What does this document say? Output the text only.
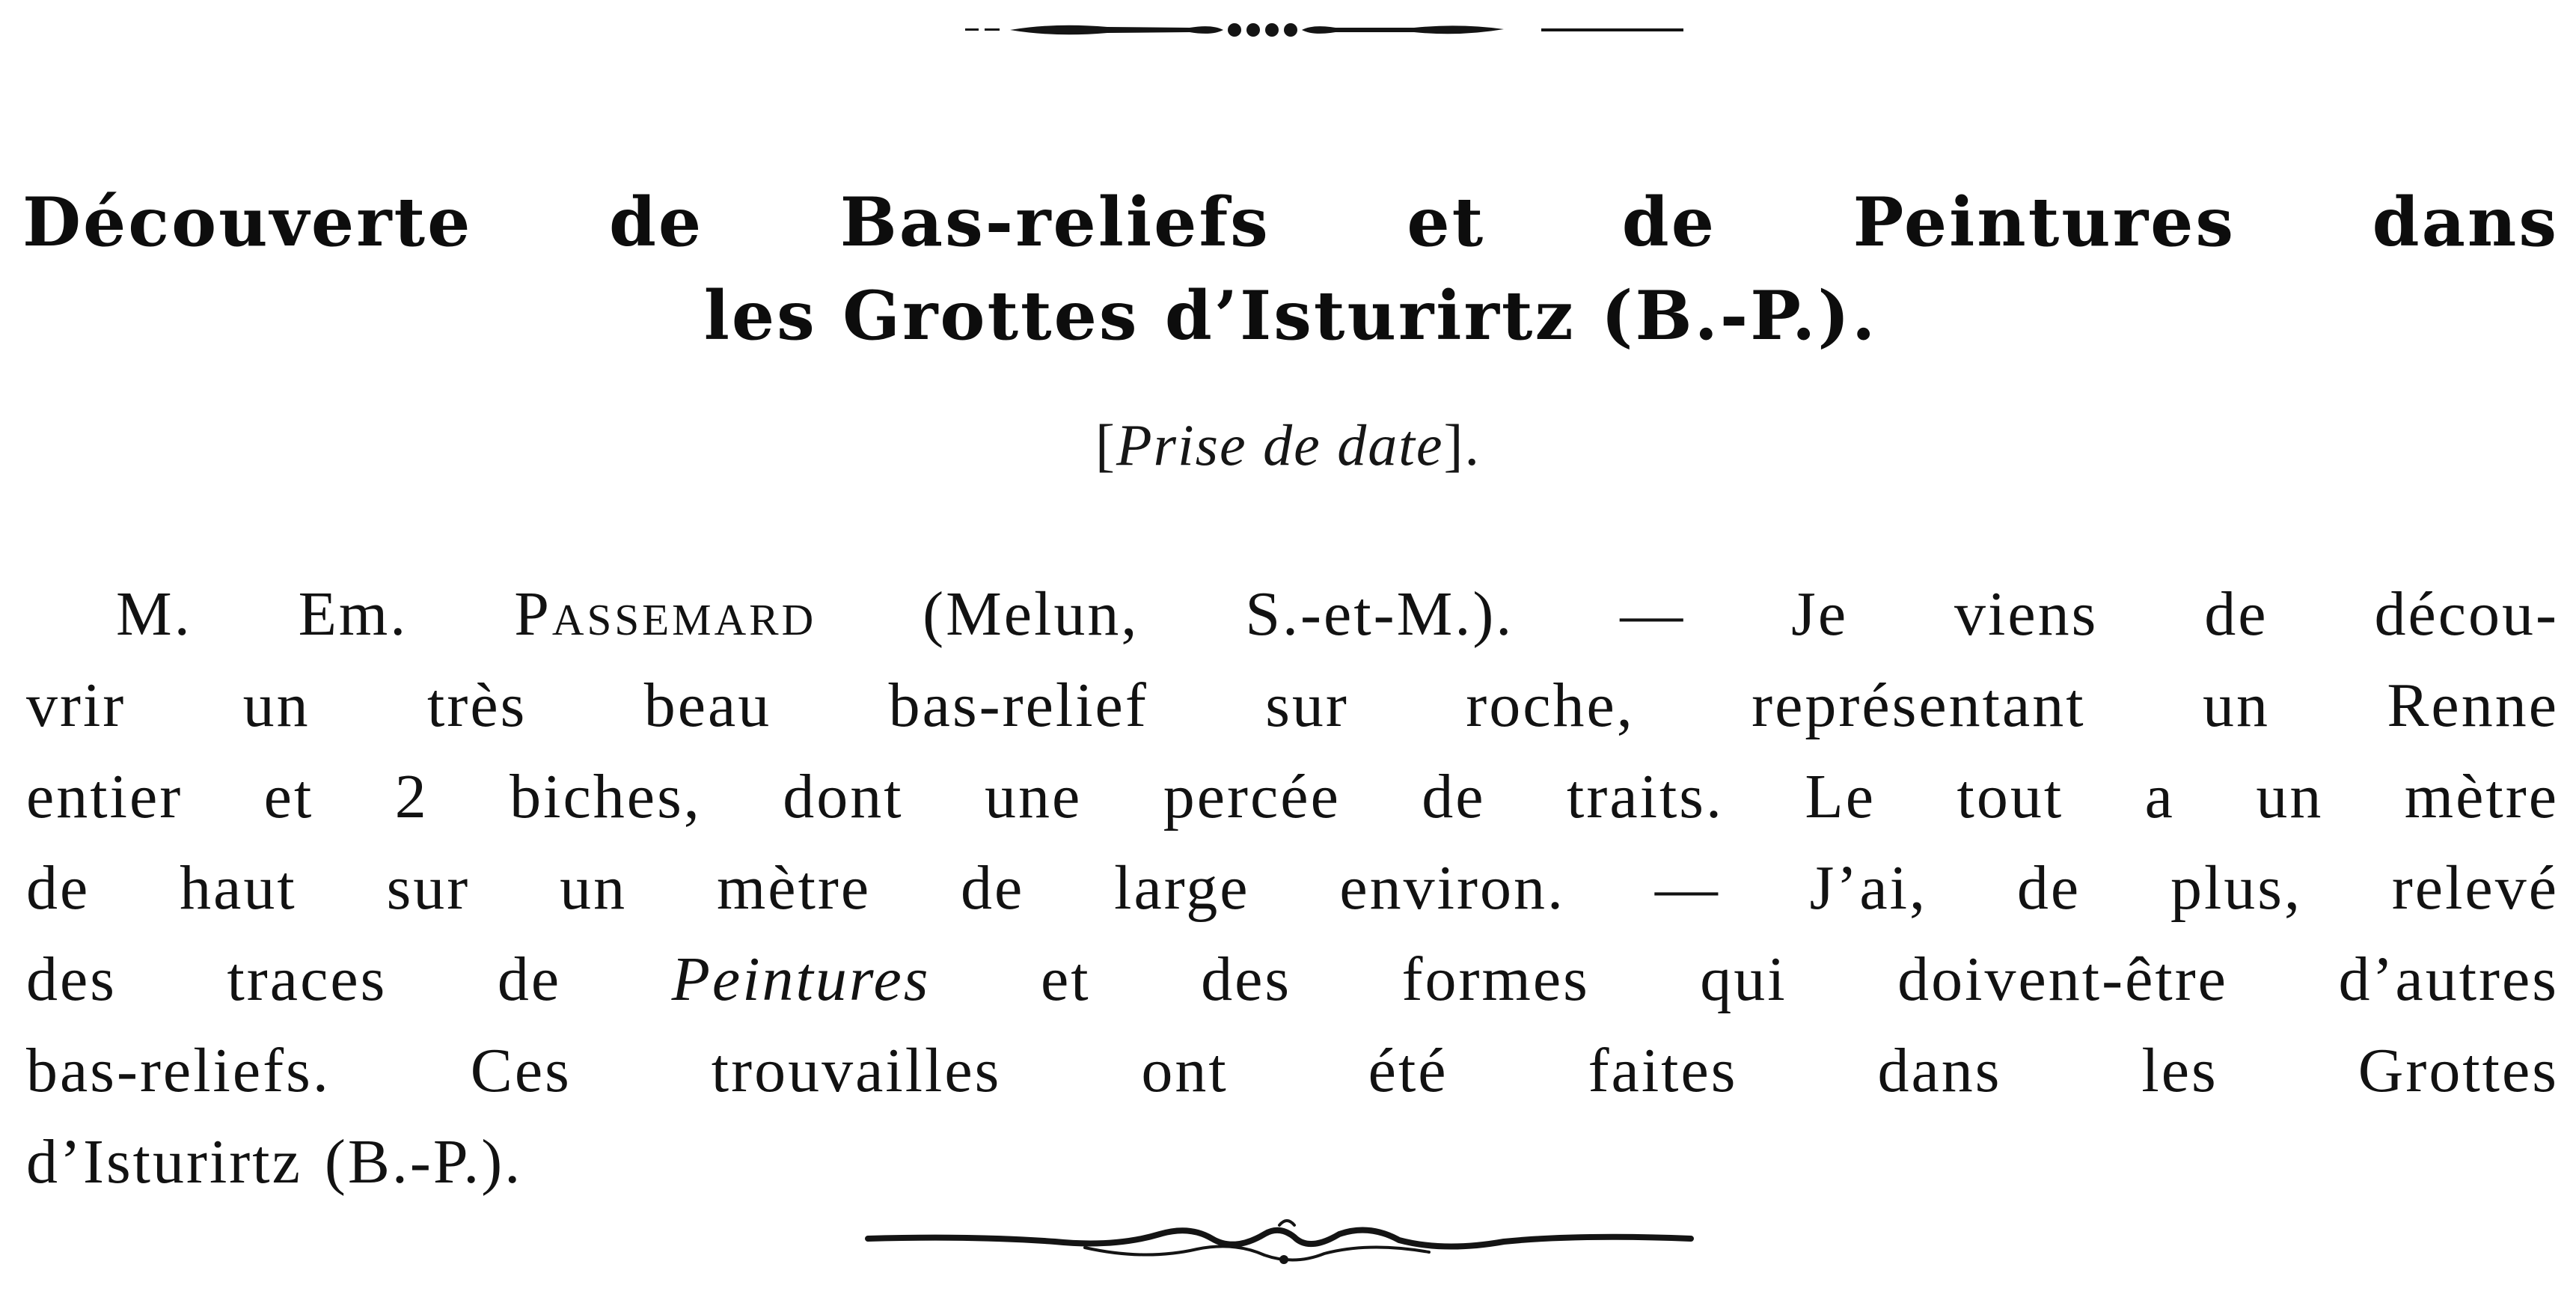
Découverte de Bas-reliefs et de Peintures dans
les Grottes d’Isturirtz (B.-P.).
[Prise de date].
M. Em. Passemard (Melun, S.-et-M.). — Je viens de décou-
vrir un très beau bas-relief sur roche, représentant un Renne
entier et 2 biches, dont une percée de traits. Le tout a un mètre
de haut sur un mètre de large environ. — J’ai, de plus, relevé
des traces de Peintures et des formes qui doivent-être d’autres
bas-reliefs. Ces trouvailles ont été faites dans les Grottes
d’Isturirtz (B.-P.).
